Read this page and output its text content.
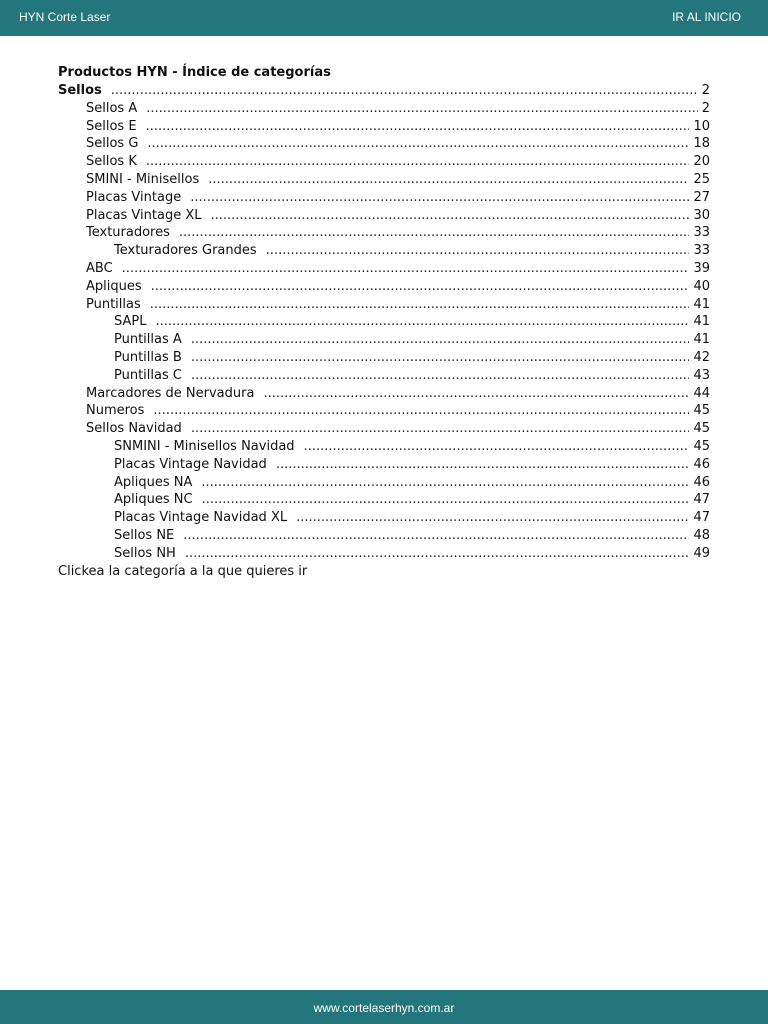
HYN Corte Laser	IR AL INICIO
Productos HYN - Índice de categorías
Sellos .....	2
Sellos A .....	2
Sellos E .....	10
Sellos G .....	18
Sellos K .....	20
SMINI - Minisellos .....	25
Placas Vintage .....	27
Placas Vintage XL .....	30
Texturadores .....	33
Texturadores Grandes .....	33
ABC .....	39
Apliques .....	40
Puntillas .....	41
SAPL .....	41
Puntillas A .....	41
Puntillas B .....	42
Puntillas C .....	43
Marcadores de Nervadura .....	44
Numeros .....	45
Sellos Navidad .....	45
SNMINI - Minisellos Navidad .....	45
Placas Vintage Navidad .....	46
Apliques NA .....	46
Apliques NC .....	47
Placas Vintage Navidad XL .....	47
Sellos NE .....	48
Sellos NH .....	49
Clickea la categoría a la que quieres ir
www.cortelaserhyn.com.ar
